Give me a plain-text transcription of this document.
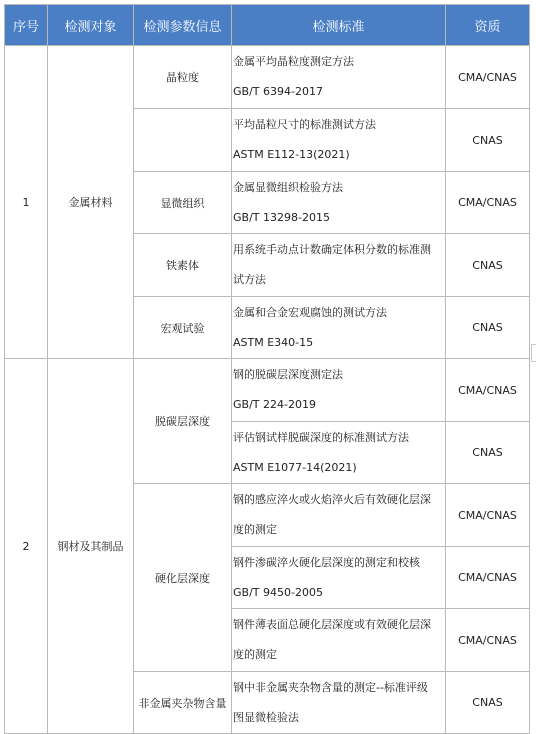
序号	检测对象	检测参数信息	检测标准	资质
1	金属材料	晶粒度	金属平均晶粒度测定方法
GB/T 6394-2017	CMA/CNAS

			平均晶粒尺寸的标准测试方法
ASTM E112-13(2021)	CNAS
		显微组织	金属显微组织检验方法
GB/T 13298-2015	CMA/CNAS
		铁素体	用系统手动点计数确定体积分数的标准测
试方法	CNAS
		宏观试验	金属和合金宏观腐蚀的测试方法
ASTM E340-15	CNAS
2	钢材及其制品	脱碳层深度	钢的脱碳层深度测定法
GB/T 224-2019	CMA/CNAS

			评估钢试样脱碳深度的标准测试方法
ASTM E1077-14(2021)	CNAS
		硬化层深度	钢的感应淬火或火焰淬火后有效硬化层深
度的测定	CMA/CNAS

			钢件渗碳淬火硬化层深度的测定和校核
GB/T 9450-2005	CMA/CNAS

			钢件薄表面总硬化层深度或有效硬化层深
度的测定	CMA/CNAS
		非金属夹杂物含量	钢中非金属夹杂物含量的测定--标准评级
图显微检验法	CNAS
